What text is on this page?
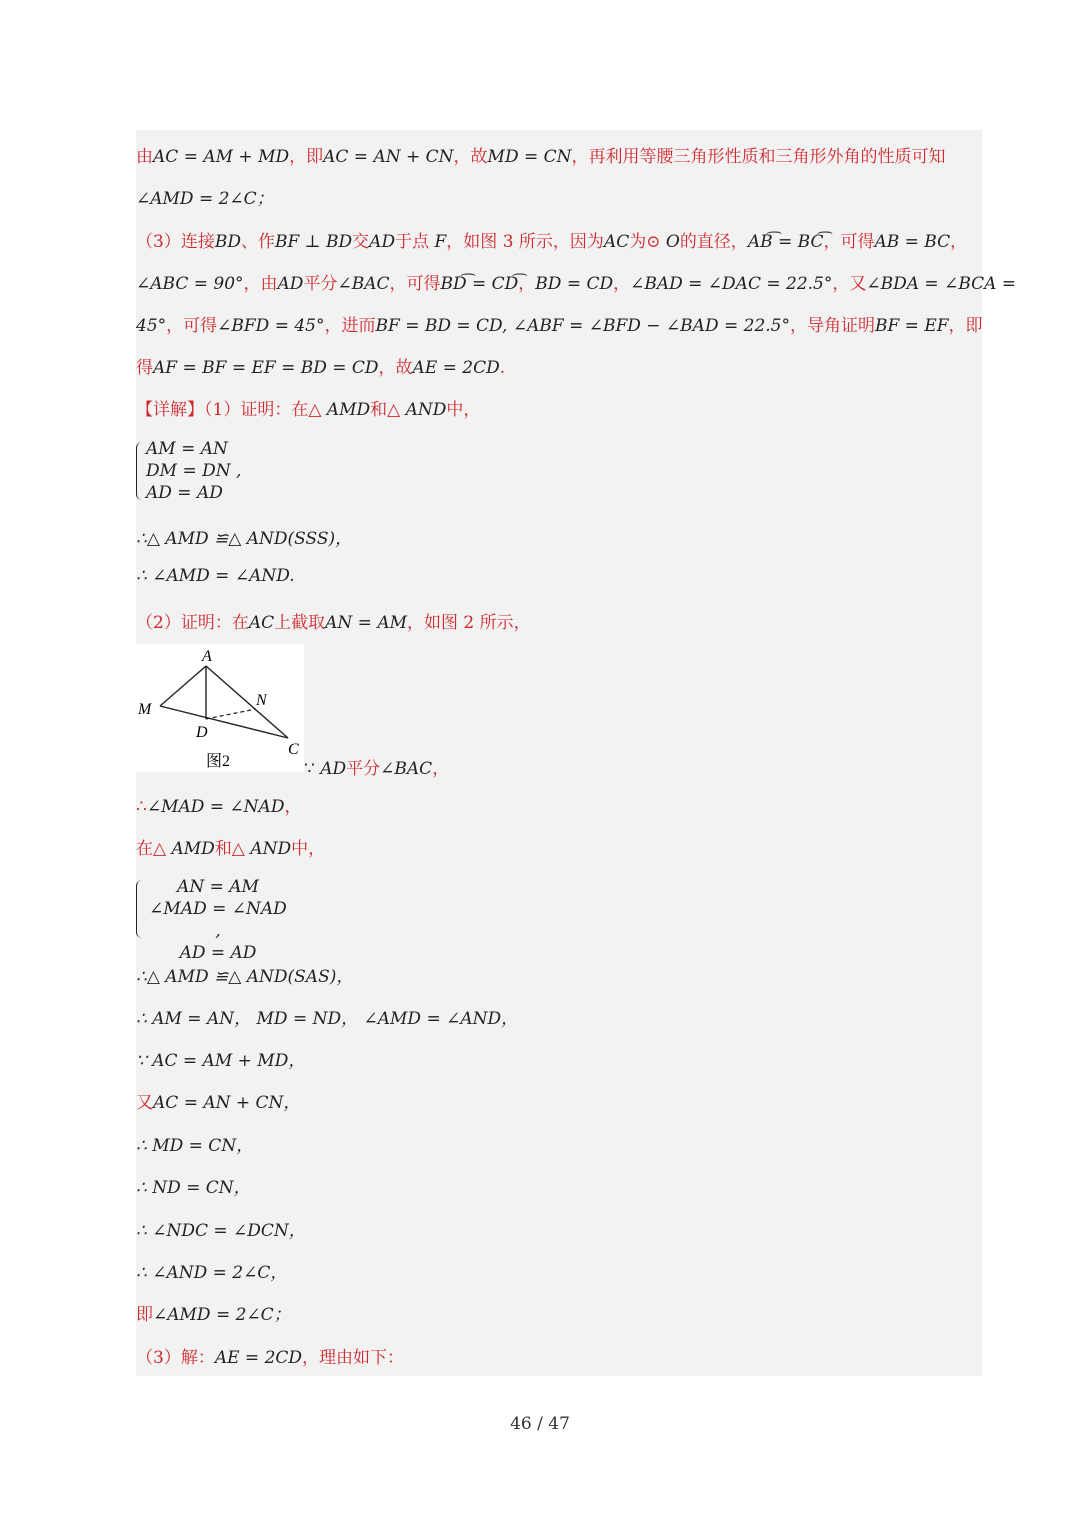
由AC = AM + MD，即AC = AN + CN，故MD = CN，再利用等腰三角形性质和三角形外角的性质可知
∠AMD = 2∠C；
（3）连接BD、作BF ⊥ BD交AD于点 F，如图 3 所示，因为AC为⊙ O的直径，AB͡ = BC͡，可得AB = BC，
∠ABC = 90°，由AD平分∠BAC，可得BD͡ = CD͡，BD = CD，∠BAD = ∠DAC = 22.5°，又∠BDA = ∠BCA =
45°，可得∠BFD = 45°，进而BF = BD = CD, ∠ABF = ∠BFD − ∠BAD = 22.5°，导角证明BF = EF，即
得AF = BF = EF = BD = CD，故AE = 2CD.
【详解】（1）证明：在△ AMD和△ AND中，
AM = AN
DM = DN ,
AD = AD
∴△ AMD ≌△ AND(SSS)，
∴ ∠AMD = ∠AND.
（2）证明：在AC上截取AN = AM，如图 2 所示，
A
M
N
D
C
图2	∵ AD平分∠BAC，
∴∠MAD = ∠NAD，
在△ AMD和△ AND中，
AN = AM
∠MAD = ∠NAD ,
AD = AD
∴△ AMD ≌△ AND(SAS)，
∴ AM = AN， MD = ND， ∠AMD = ∠AND，
∵ AC = AM + MD，
又AC = AN + CN，
∴ MD = CN，
∴ ND = CN，
∴ ∠NDC = ∠DCN，
∴ ∠AND = 2∠C，
即∠AMD = 2∠C；
（3）解：AE = 2CD，理由如下：
46 / 47
